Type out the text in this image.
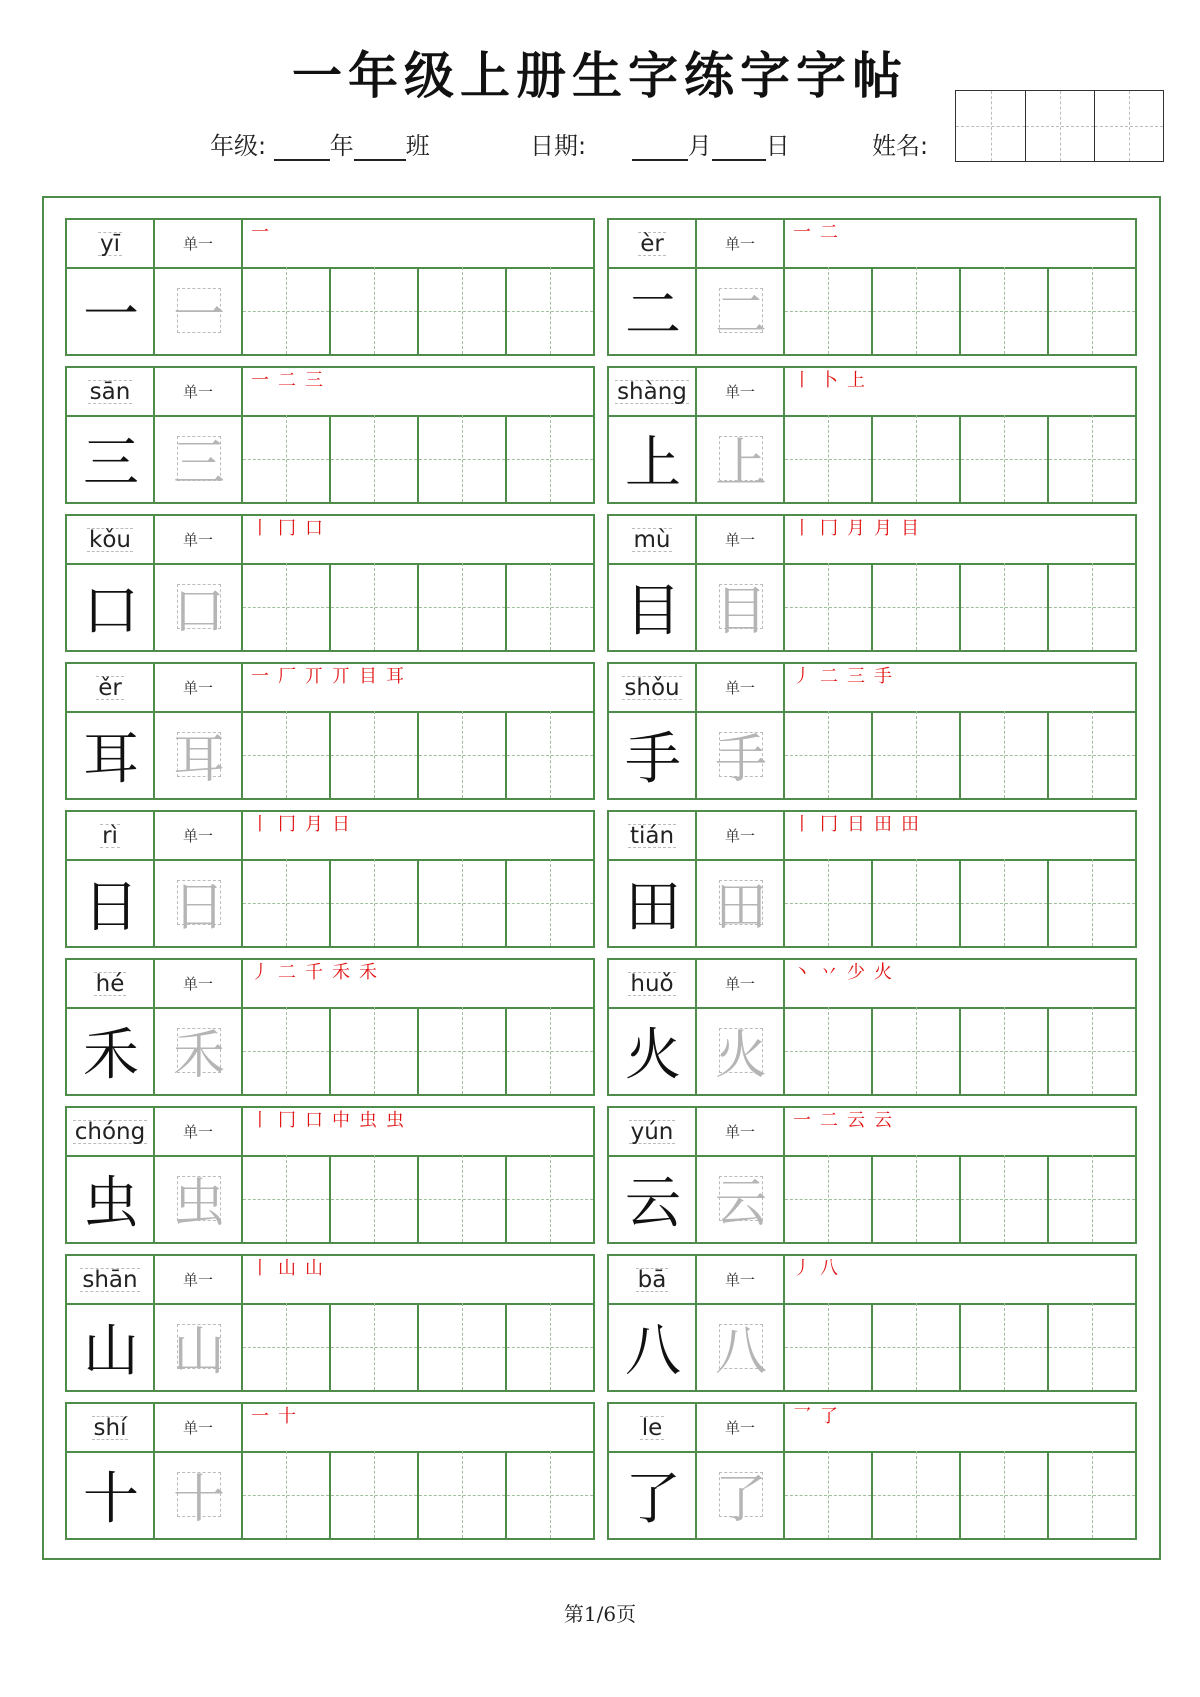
一年级上册生字练字字帖
年级:	年 班	日期:	月 日	姓名:
yī	单一
一
一 一
èr	单一
一 二
二 二
sān	单一
一 二 三
三 三
shàng	单一
丨 卜 上
上 上
kǒu	单一
丨 冂 口
口 口
mù	单一
丨 冂 月 月 目
目 目
ěr	单一
一 厂 丌 丌 目 耳
耳 耳
shǒu	单一
丿 二 三 手
手 手
rì	单一
丨 冂 月 日
日 日
tián	单一
丨 冂 日 田 田
田 田
hé	单一
丿 二 千 禾 禾
禾 禾
huǒ	单一
丶 丷 少 火
火 火
chóng	单一
丨 冂 口 中 虫 虫
虫 虫
yún	单一
一 二 云 云
云 云
shān	单一
丨 山 山
山 山
bā	单一
丿 八
八 八
shí	单一
一 十
十 十
le	单一
乛 了
了 了
第1/6页
